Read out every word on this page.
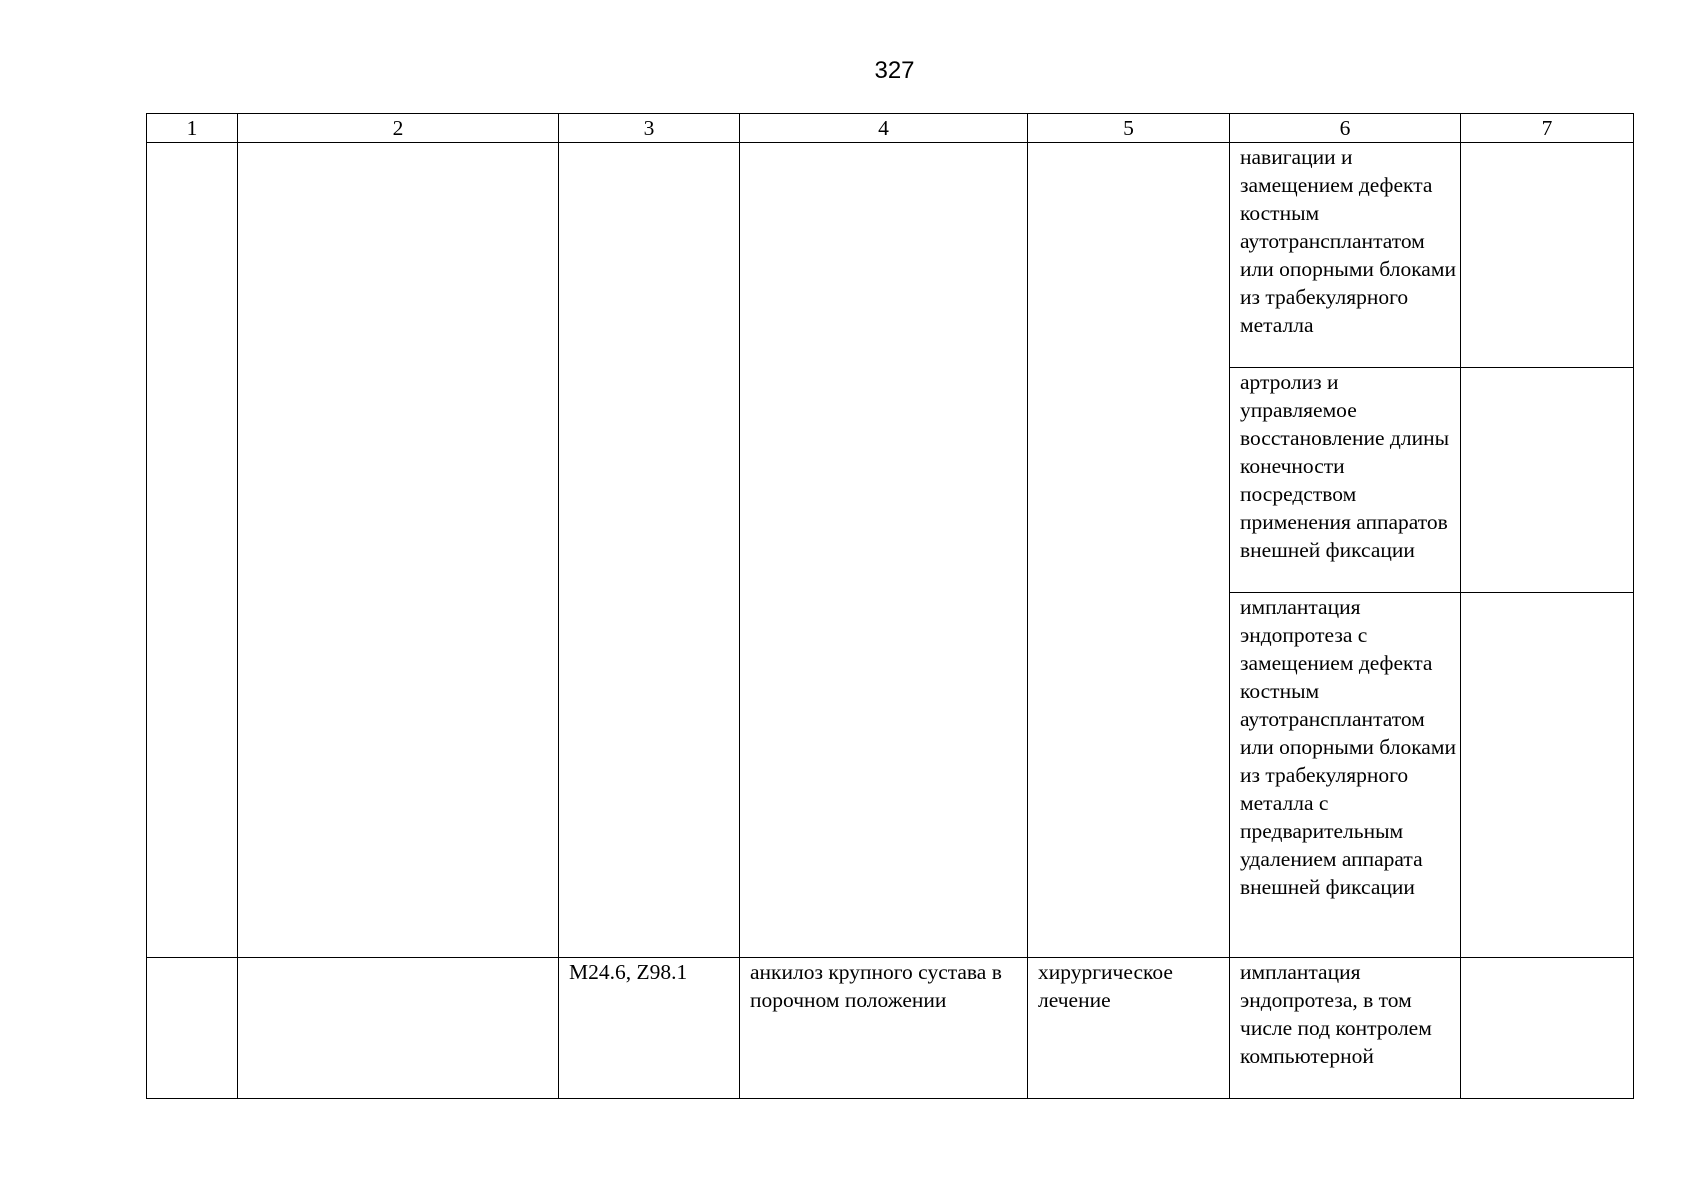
327
1	2	3	4	5	6	7

					навигации и замещением дефекта костным аутотрансплантатом или опорными блоками из трабекулярного металла	

					артролиз и управляемое восстановление длины конечности посредством применения аппаратов внешней фиксации	

					имплантация эндопротеза с замещением дефекта костным аутотрансплантатом или опорными блоками из трабекулярного металла с предварительным удалением аппарата внешней фиксации	

		M24.6, Z98.1	анкилоз крупного сустава в порочном положении	хирургическое лечение	имплантация эндопротеза, в том числе под контролем компьютерной	
